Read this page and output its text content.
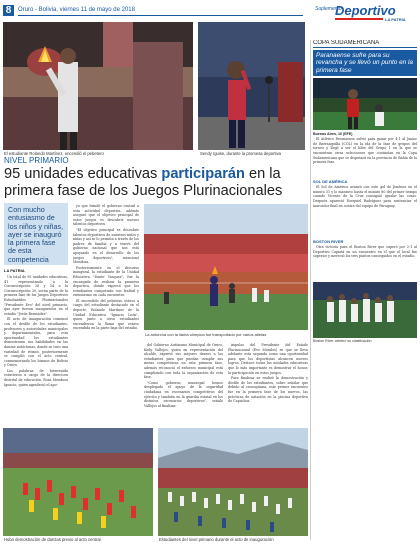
8	Oruro - Bolivia, viernes 11 de mayo de 2018	Suplemento
Deportivo
LA PATRIA
El estudiante Rolando Martínez, encendió el pebetero	Sendy Iguise, durante la promesa deportiva
NIVEL PRIMARIO
95 unidades educativas participarán en la primera fase de los Juegos Plurinacionales
Con mucho entusiasmo de los niños y niñas, ayer se inauguró la primera fase de esta competencia
LA PATRIA

Un total de 95 unidades educativas, 41 representando a la Circunscripción 28 y 54 a la Circunscripción 30, serán parte de la primera fase de los Juegos Deportivos Estudiantiles Plurinacionales "Presidente Evo" del nivel primario, que ayer fueron inaugurados en el estadio "Jesús Bermúdez".

El acto de inauguración comenzó con el desfile de los estudiantes, profesores y autoridades municipales y departamentales, para esta oportunidad los estudiantes demostraron sus habilidades en las danzas autóctonas, donde se tuvo una variedad de ritmos, posteriormente se cumplió con el acto central, conmemorando los himnos de Bolivia y Oruro.

Los palabras de bienvenida estuvieron a cargo de la directora distrital de educación, Rosa Mendoza Ignacio, quien agradeció el apo-

yo que brindó el gobierno central a esta actividad deportiva, además aseguró que el objetivo principal de estos juegos es descubrir nuevos talentos deportivos.

"El objetivo principal es descubrir talentos deportivos de nuestros niños y niñas y así se lo permita a través de los padres de familia y a través del gobierno nacional que nos está apoyando en el desarrollo de los juegos deportivos", mencionó Mendoza.

Posteriormente en el discurso inaugural, la estudiante de la Unidad Educativa "Dante Vasquez", fue la encargada de realizar la promesa deportiva, donde expresó que los estudiantes competirán con lealtad y entusiasmo en cada encuentro.

El encendido del pebetero estuvo a cargo del estudiante destacado en el deporte, Rolando Martínez de la Unidad Educativa "Ignacio León", quien junto a otros estudiantes encendieron la llama que estuvo encendida en la parte baja del estadio.

La antorcha con la llama olímpica fue transportado por varios atletas

del Gobierno Autónomo Municipal de Oruro, Keily Vallejos, quien en representación del alcalde, expresó sus mejores deseos a los estudiantes para que puedan cumplir sus metas competitivas en esta primera fase, además reconoció el esfuerzo municipal está cumpliendo con toda la organización de esta fase.

"Como gobierno municipal hemos desplegado el apoyo de la seguridad ciudadana en escenarios competitivos del ejército y también en la guardia estatal en los distintos escenarios deportivos", señaló Vallejos al finalizar.

impulso del Presidente del Estado Plurinacional (Evo Morales) se que se lleva adelante esta segunda como una oportunidad para que los deportistas alcancen nuevos logros. Destacó todas las unidades educativas que lo más importante es demostrar el honor, la participación en estos juegos.

Para finalizar se realizó la demostración y desfile de los estudiantes, sobre señalar que debido al cronograma, este primer encuentro fue en la primera fase de los nuevos, las prácticas de natación en la piscina deportiva de Capachos.

Hubo demostración de danzas previo al acto central	Estudiantes del nivel primario durante el acto de inauguración
COPA SUDAMERICANA
Paranaense sufre para su revancha y se llevó un punto en la primera fase
Buenos Aires, 10 (EFE)

El Atlético Paranaense sufrió para ganar por 4-1 al Junior de Barranquilla (COL) en la ida de la fase de grupos del torneo y llegó a ser el líder del Grupo 1 en la que se encuentran otras selecciones que continúan en la Copa Sudamericana que se disputará en la provincia de Bahía de la primera fase.

SOL DE AMÉRICA

El Sol de América avanzó con este gol de Jiménez en el minuto 31 y lo mantuvo hasta el minuto 80 del primer tiempo cuando Vicente de la Cruz consiguió igualar las cosas. Después apareció Ezequiel Rodríguez para sentenciar el marcador final en contra del equipo de Paraguay.

BOSTON RIVER

Otra victoria para el Boston River que superó por 2-1 al Deportivo Capiatá en un encuentro en el que el local fue superior y mereció los tres puntos conseguidos en el estadio.

Boston River celebró su clasificación
